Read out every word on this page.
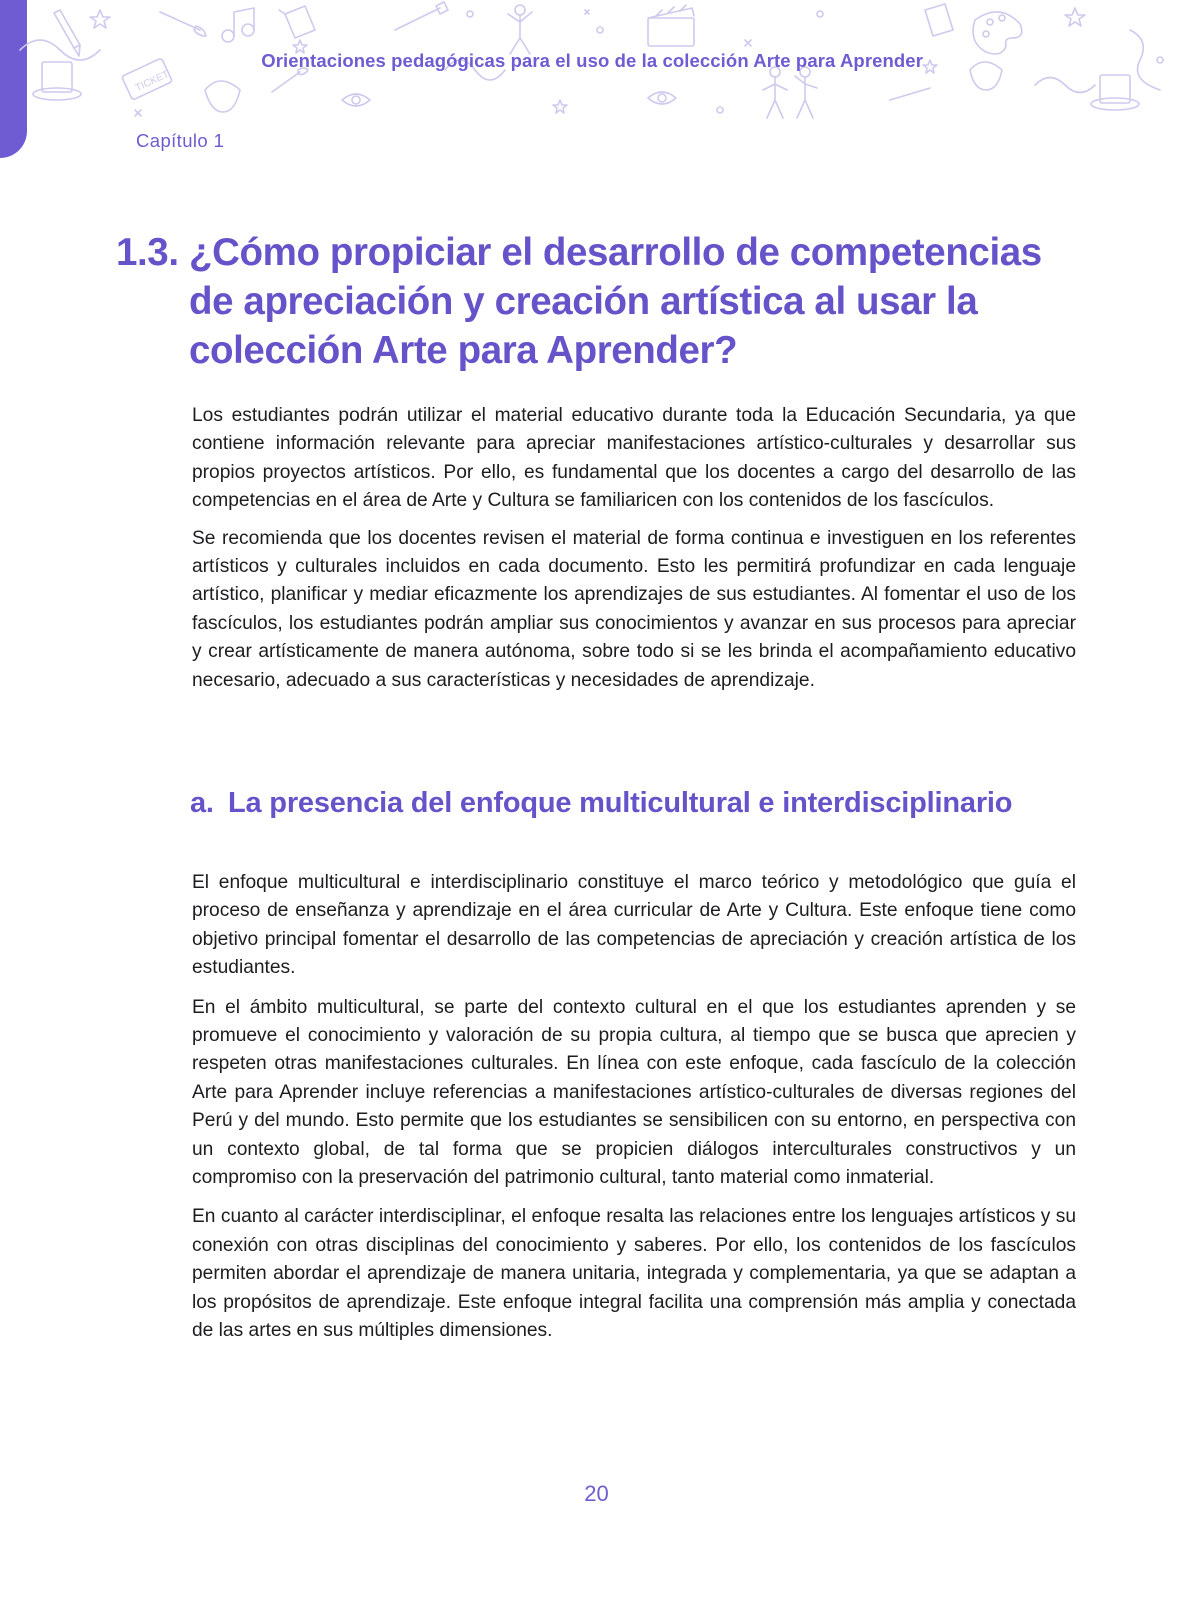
TICKET
Orientaciones pedagógicas para el uso de la colección Arte para Aprender
Capítulo 1
1.3. ¿Cómo propiciar el desarrollo de competencias de apreciación y creación artística al usar la colección Arte para Aprender?

Los estudiantes podrán utilizar el material educativo durante toda la Educación Secundaria, ya que contiene información relevante para apreciar manifestaciones artístico-culturales y desarrollar sus propios proyectos artísticos. Por ello, es fundamental que los docentes a cargo del desarrollo de las competencias en el área de Arte y Cultura se familiaricen con los contenidos de los fascículos.

Se recomienda que los docentes revisen el material de forma continua e investiguen en los referentes artísticos y culturales incluidos en cada documento. Esto les permitirá profundizar en cada lenguaje artístico, planificar y mediar eficazmente los aprendizajes de sus estudiantes. Al fomentar el uso de los fascículos, los estudiantes podrán ampliar sus conocimientos y avanzar en sus procesos para apreciar y crear artísticamente de manera autónoma, sobre todo si se les brinda el acompañamiento educativo necesario, adecuado a sus características y necesidades de aprendizaje.

a. La presencia del enfoque multicultural e interdisciplinario

El enfoque multicultural e interdisciplinario constituye el marco teórico y metodológico que guía el proceso de enseñanza y aprendizaje en el área curricular de Arte y Cultura. Este enfoque tiene como objetivo principal fomentar el desarrollo de las competencias de apreciación y creación artística de los estudiantes.

En el ámbito multicultural, se parte del contexto cultural en el que los estudiantes aprenden y se promueve el conocimiento y valoración de su propia cultura, al tiempo que se busca que aprecien y respeten otras manifestaciones culturales. En línea con este enfoque, cada fascículo de la colección Arte para Aprender incluye referencias a manifestaciones artístico-culturales de diversas regiones del Perú y del mundo. Esto permite que los estudiantes se sensibilicen con su entorno, en perspectiva con un contexto global, de tal forma que se propicien diálogos interculturales constructivos y un compromiso con la preservación del patrimonio cultural, tanto material como inmaterial.

En cuanto al carácter interdisciplinar, el enfoque resalta las relaciones entre los lenguajes artísticos y su conexión con otras disciplinas del conocimiento y saberes. Por ello, los contenidos de los fascículos permiten abordar el aprendizaje de manera unitaria, integrada y complementaria, ya que se adaptan a los propósitos de aprendizaje. Este enfoque integral facilita una comprensión más amplia y conectada de las artes en sus múltiples dimensiones.

20
